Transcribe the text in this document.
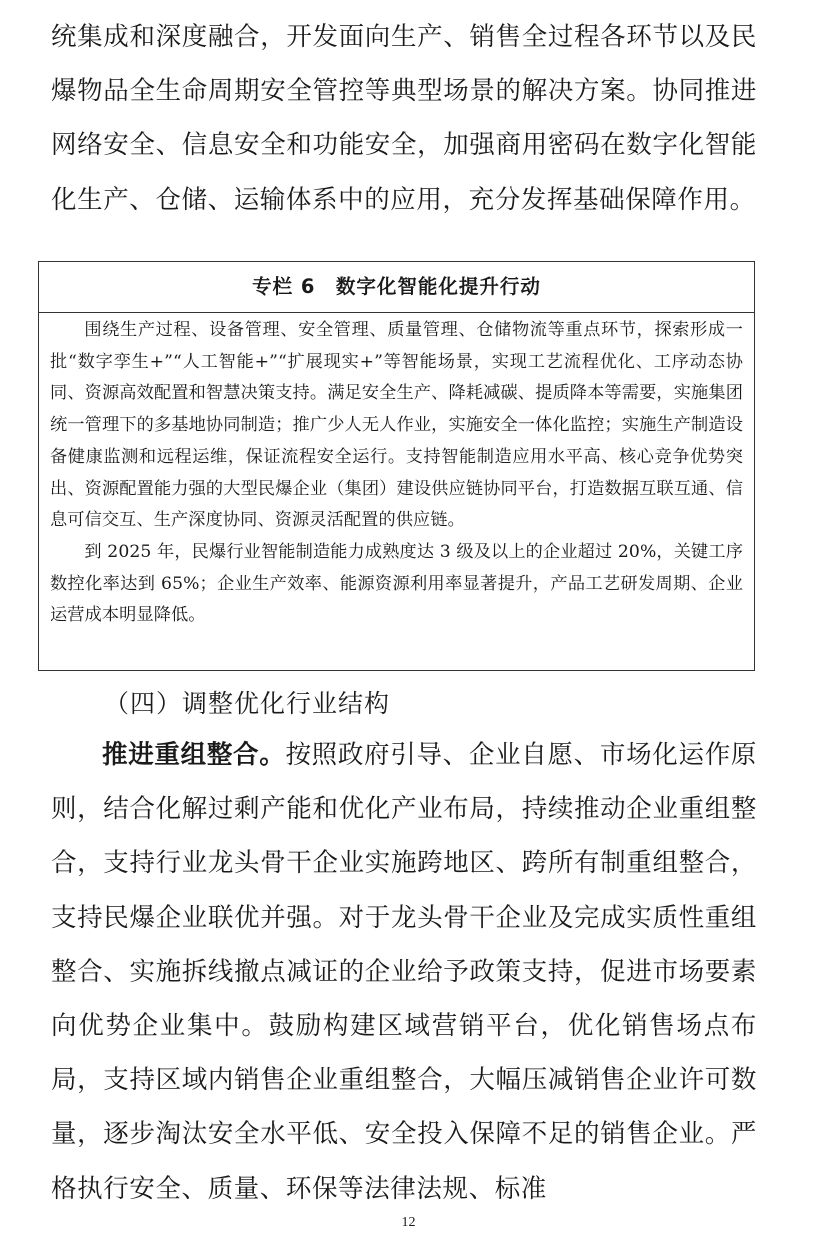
统集成和深度融合，开发面向生产、销售全过程各环节以及民爆物品全生命周期安全管控等典型场景的解决方案。协同推进网络安全、信息安全和功能安全，加强商用密码在数字化智能化生产、仓储、运输体系中的应用，充分发挥基础保障作用。

专栏 6　数字化智能化提升行动

围绕生产过程、设备管理、安全管理、质量管理、仓储物流等重点环节，探索形成一批“数字孪生+”“人工智能+”“扩展现实+”等智能场景，实现工艺流程优化、工序动态协同、资源高效配置和智慧决策支持。满足安全生产、降耗减碳、提质降本等需要，实施集团统一管理下的多基地协同制造；推广少人无人作业，实施安全一体化监控；实施生产制造设备健康监测和远程运维，保证流程安全运行。支持智能制造应用水平高、核心竞争优势突出、资源配置能力强的大型民爆企业（集团）建设供应链协同平台，打造数据互联互通、信息可信交互、生产深度协同、资源灵活配置的供应链。

到 2025 年，民爆行业智能制造能力成熟度达 3 级及以上的企业超过 20%，关键工序数控化率达到 65%；企业生产效率、能源资源利用率显著提升，产品工艺研发周期、企业运营成本明显降低。

（四）调整优化行业结构

推进重组整合。按照政府引导、企业自愿、市场化运作原则，结合化解过剩产能和优化产业布局，持续推动企业重组整合，支持行业龙头骨干企业实施跨地区、跨所有制重组整合，支持民爆企业联优并强。对于龙头骨干企业及完成实质性重组整合、实施拆线撤点减证的企业给予政策支持，促进市场要素向优势企业集中。鼓励构建区域营销平台，优化销售场点布局，支持区域内销售企业重组整合，大幅压减销售企业许可数量，逐步淘汰安全水平低、安全投入保障不足的销售企业。严格执行安全、质量、环保等法律法规、标准

12
